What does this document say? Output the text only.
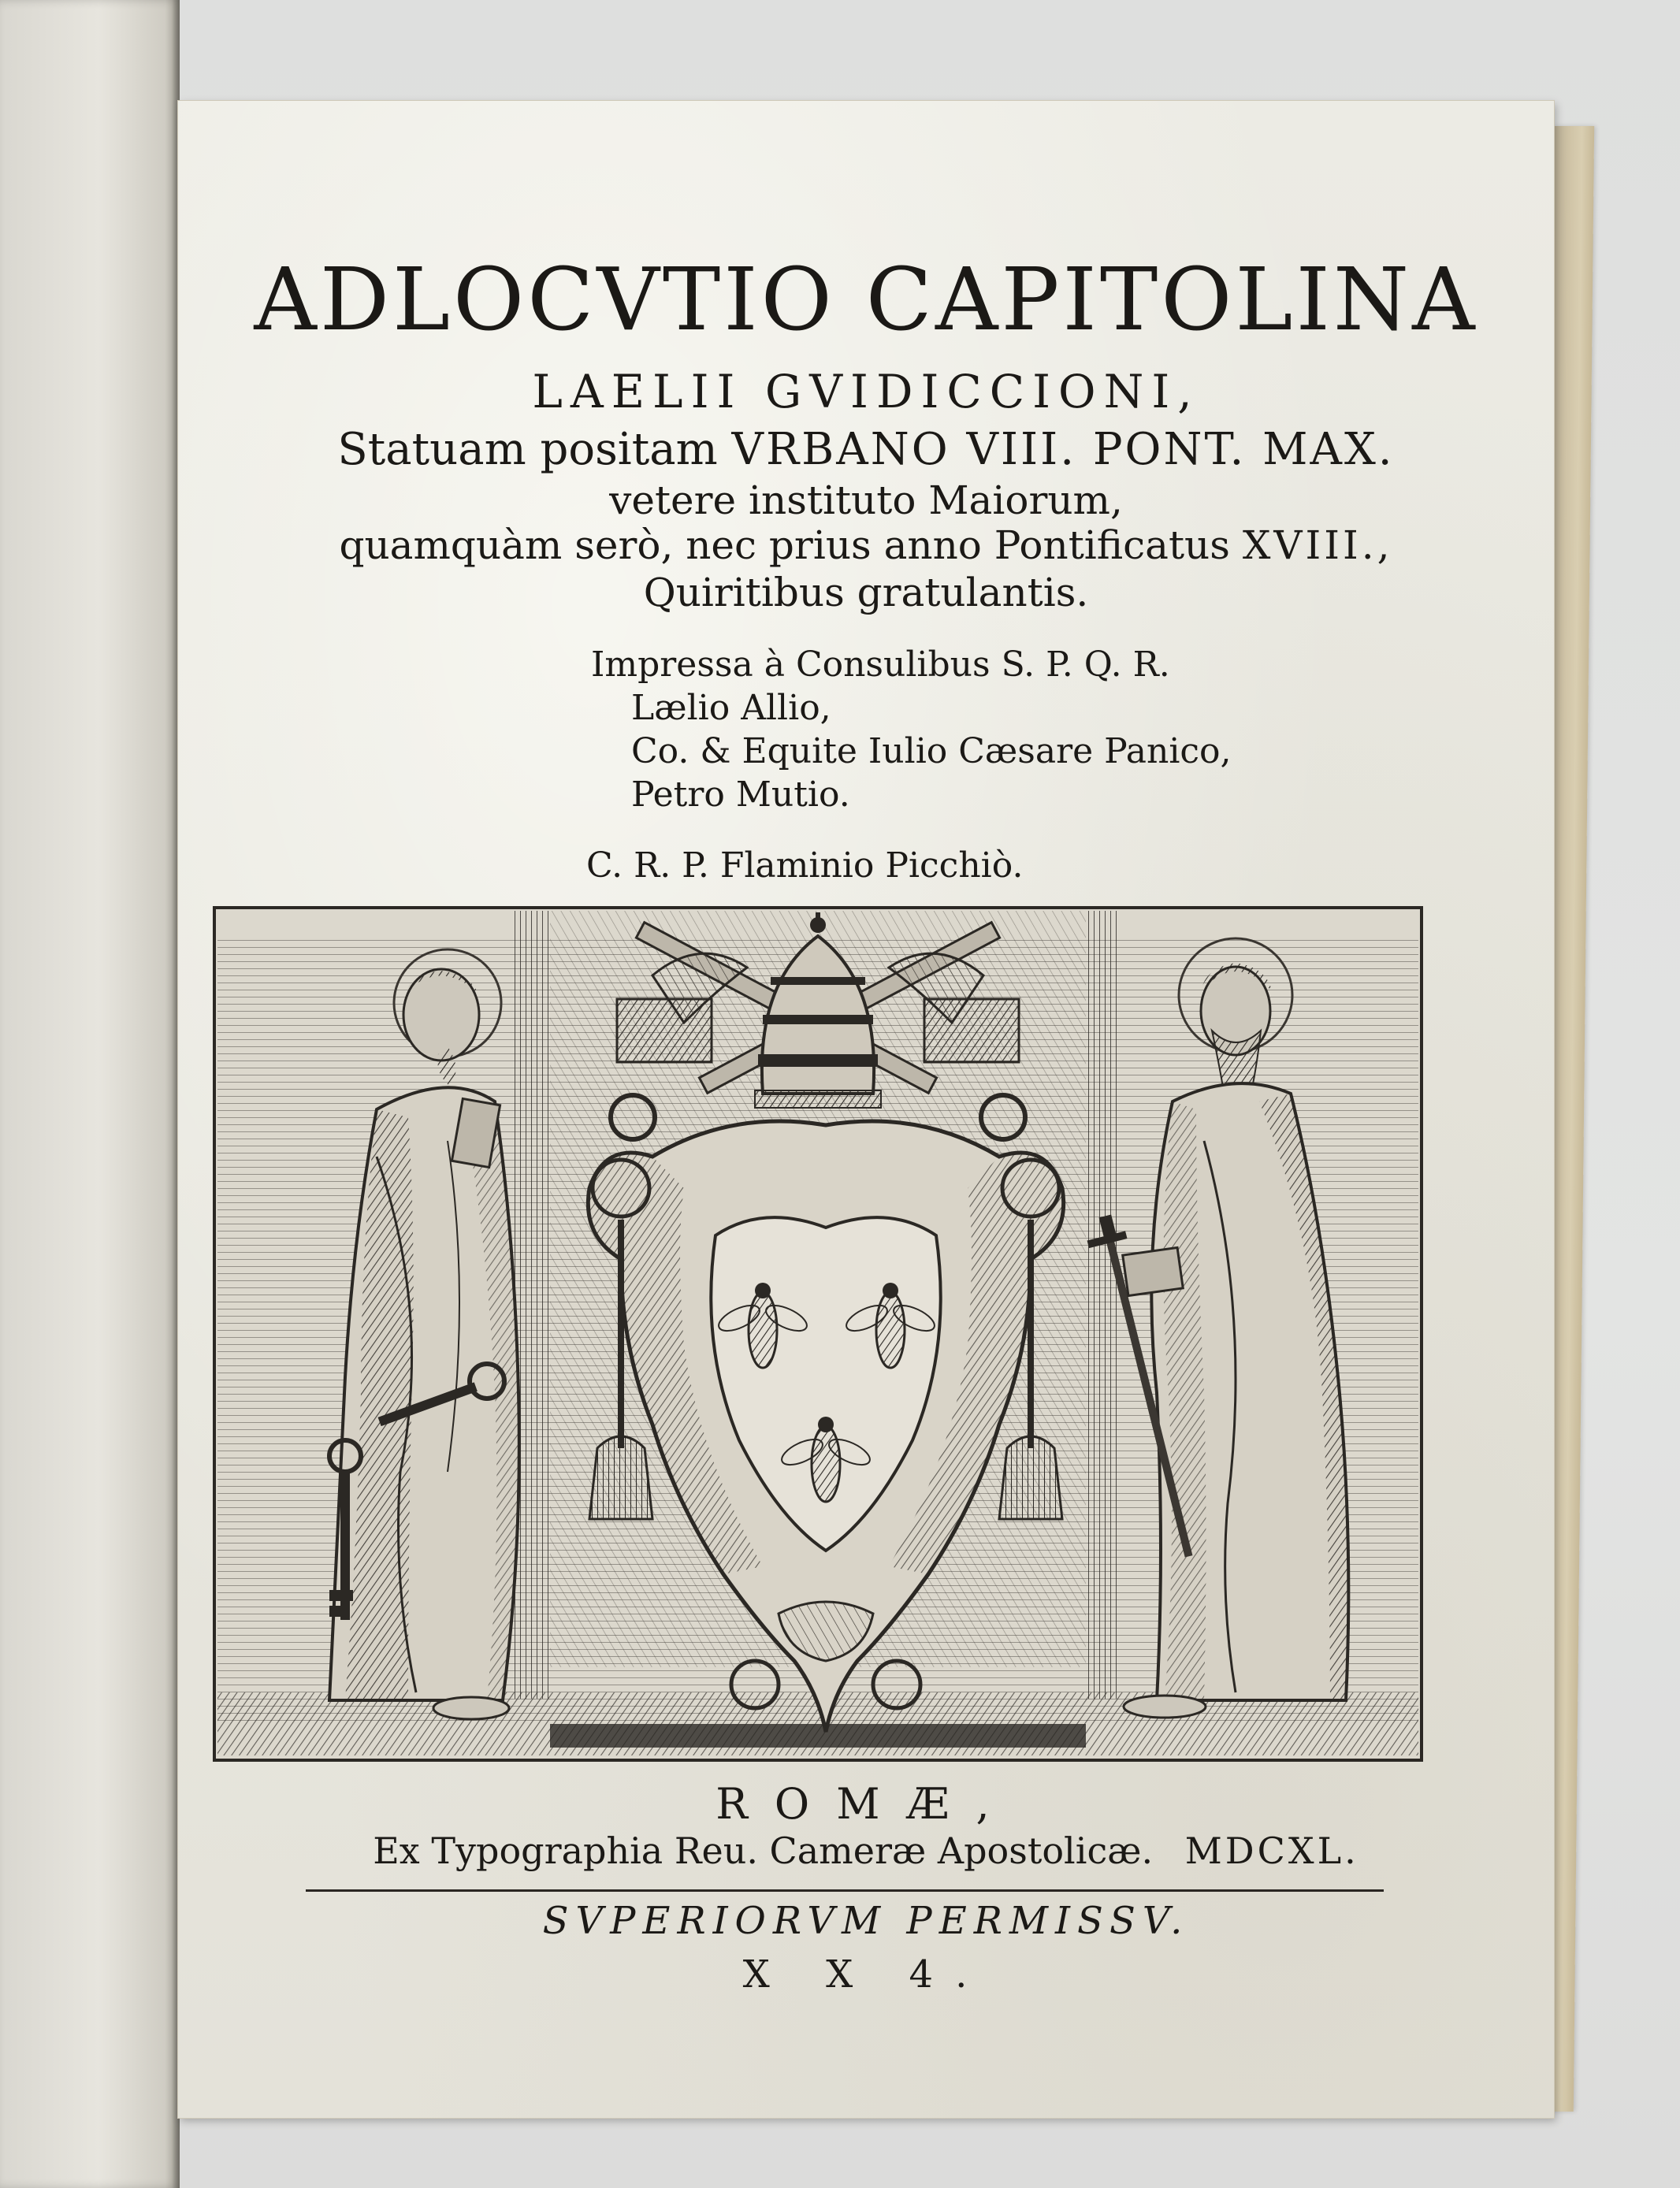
ADLOCVTIO CAPITOLINA
LAELII GVIDICCIONI,
Statuam positam VRBANO VIII. PONT. MAX.
vetere instituto Maiorum,
quamquàm serò, nec prius anno Pontificatus XVIII.,
Quiritibus gratulantis.
Impressa à Consulibus S. P. Q. R.
Lælio Allio,
Co. & Equite Iulio Cæsare Panico,
Petro Mutio.
C. R. P. Flaminio Picchiò.
ROMÆ,
Ex Typographia Reu. Cameræ Apostolicæ. MDCXL.
SVPERIORVM PERMISSV.
X X 4.
